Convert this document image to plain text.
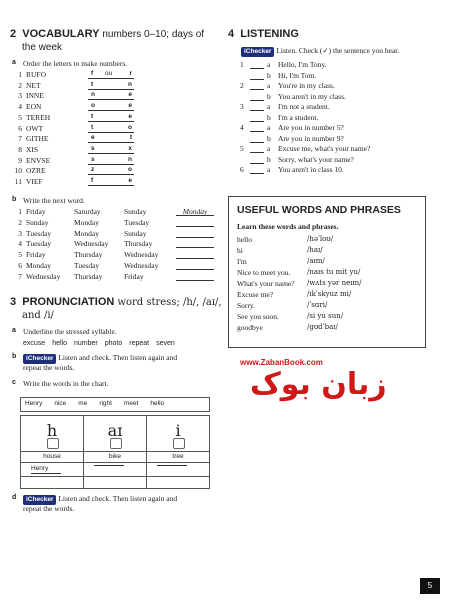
2 VOCABULARY numbers 0–10; days of
the week
a Order the letters to make numbers.
1 RUFO	f ou	r
2 NET	t	n
3 INNE	n	e
4 EON	o	e
5 TEREH	t	e
6 OWT	t	o
7 GITHE	e	t
8 XIS	s	x
9 ENVSE	s	n
10 OZRE	z	o
11 VIEF	f	e
b Write the next word.
1 Friday	Saturday	Sunday	Monday
2 Sunday	Monday	Tuesday
3 Tuesday	Monday	Sunday
4 Tuesday	Wednesday Thursday
5 Friday	Thursday	Wednesday
6 Monday	Tuesday	Wednesday
7 Wednesday Thursday	Friday
3 PRONUNCIATION word stress; /h/, /aɪ/,
and /i/
a Underline the stressed syllable.
excuse hello number photo repeat seven
b iChecker Listen and check. Then listen again and
repeat the words.
c Write the words in the chart.
Henry nice me right meet hello
h
house
Henry
aɪ
bike
i
tree
d iChecker Listen and check. Then listen again and
repeat the words.
4 LISTENING
iChecker Listen. Check (✓) the sentence you hear.
1	a Hello, I'm Tony.
b Hi, I'm Tom.
2	a You're in my class.
b You aren't in my class.
3	a I'm not a student.
b I'm a student.
4	a Are you in number 5?
b Are you in number 9?
5	a Excuse me, what's your name?
b Sorry, what's your name?
6	a You aren't in class 10.
USEFUL WORDS AND PHRASES
Learn these words and phrases.
hello	/həˈloʊ/
hi	/haɪ/
I'm	/aɪm/
Nice to meet you. /naɪs tu mit yu/
What's your name? /wʌts yər neɪm/
Excuse me?	/ɪkˈskyuz mi/
Sorry.	/ˈsɑri/
See you soon.	/si yu sun/
goodbye	/gʊdˈbaɪ/
www.ZabanBook.com
زبان بوک
5
